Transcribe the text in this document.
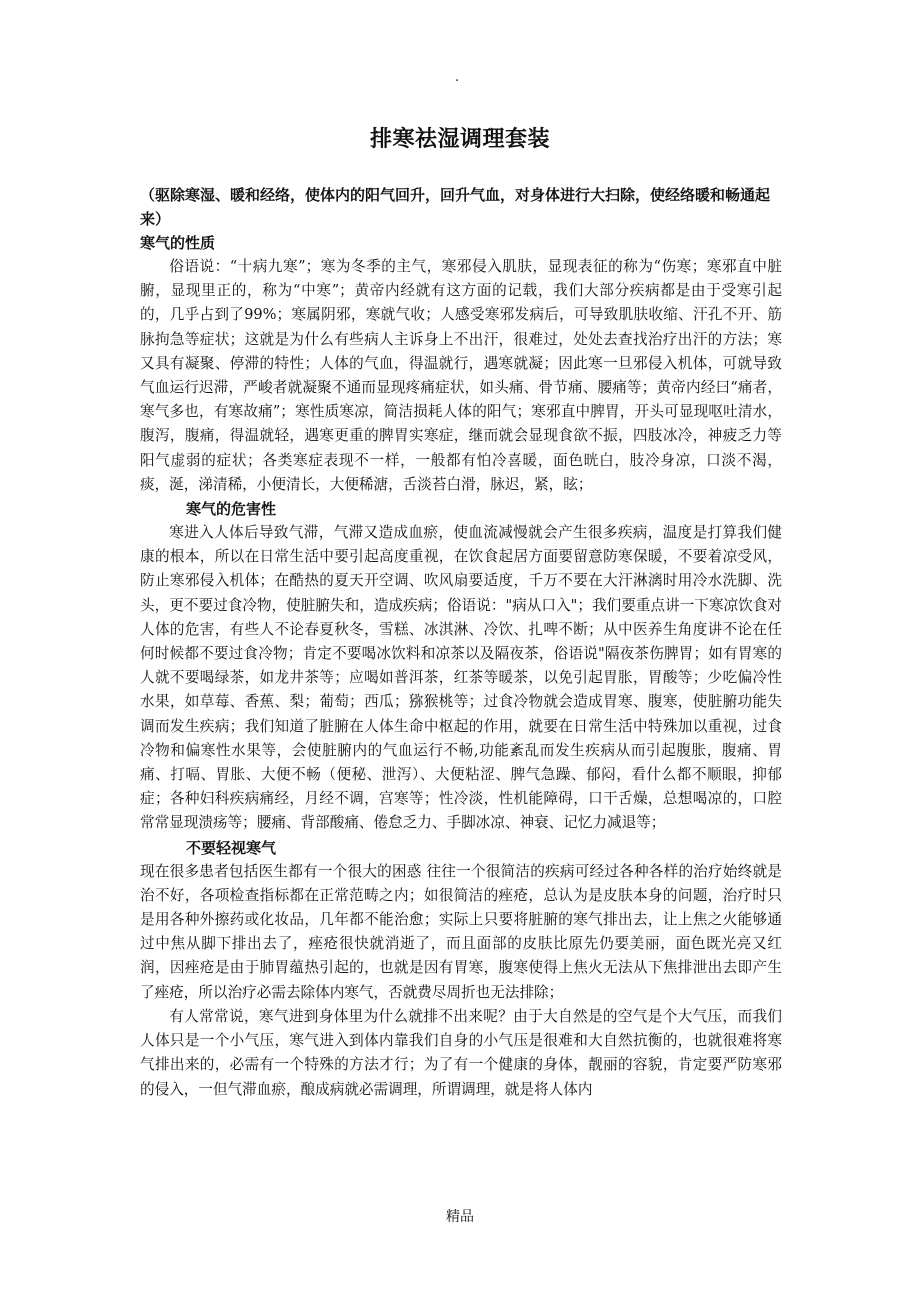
.
排寒祛湿调理套装

（驱除寒湿、暖和经络，使体内的阳气回升，回升气血，对身体进行大扫除，使经络暖和畅通起来）

寒气的性质

俗语说：“十病九寒”；寒为冬季的主气，寒邪侵入肌肤，显现表征的称为“伤寒；寒邪直中脏腑，显现里正的，称为“中寒”；黄帝内经就有这方面的记载，我们大部分疾病都是由于受寒引起的，几乎占到了99%；寒属阴邪，寒就气收；人感受寒邪发病后，可导致肌肤收缩、汗孔不开、筋脉拘急等症状；这就是为什么有些病人主诉身上不出汗，很难过，处处去查找治疗出汗的方法；寒又具有凝聚、停滞的特性；人体的气血，得温就行，遇寒就凝；因此寒一旦邪侵入机体，可就导致气血运行迟滞，严峻者就凝聚不通而显现疼痛症状，如头痛、骨节痛、腰痛等；黄帝内经曰“痛者，寒气多也，有寒故痛”；寒性质寒凉，简洁损耗人体的阳气；寒邪直中脾胃，开头可显现呕吐清水，腹泻，腹痛，得温就轻，遇寒更重的脾胃实寒症，继而就会显现食欲不振，四肢冰冷，神疲乏力等阳气虚弱的症状；各类寒症表现不一样，一般都有怕冷喜暖，面色晄白，肢冷身凉，口淡不渴，痰，涎，涕清稀，小便清长，大便稀溏，舌淡苔白滑，脉迟，紧，眩；

寒气的危害性

寒进入人体后导致气滞，气滞又造成血瘀，使血流减慢就会产生很多疾病，温度是打算我们健康的根本，所以在日常生活中要引起高度重视，在饮食起居方面要留意防寒保暖，不要着凉受风，防止寒邪侵入机体；在酷热的夏天开空调、吹风扇要适度，千万不要在大汗淋漓时用冷水洗脚、洗头，更不要过食冷物，使脏腑失和，造成疾病；俗语说："病从口入"；我们要重点讲一下寒凉饮食对人体的危害，有些人不论春夏秋冬，雪糕、冰淇淋、冷饮、扎啤不断；从中医养生角度讲不论在任何时候都不要过食冷物；肯定不要喝冰饮料和凉茶以及隔夜茶，俗语说"隔夜茶伤脾胃；如有胃寒的人就不要喝绿茶，如龙井茶等；应喝如普洱茶，红茶等暖茶，以免引起胃胀，胃酸等；少吃偏冷性水果，如草莓、香蕉、梨；葡萄；西瓜；猕猴桃等；过食冷物就会造成胃寒、腹寒，使脏腑功能失调而发生疾病；我们知道了脏腑在人体生命中枢起的作用，就要在日常生活中特殊加以重视，过食冷物和偏寒性水果等，会使脏腑内的气血运行不畅,功能紊乱而发生疾病从而引起腹胀，腹痛、胃痛、打嗝、胃胀、大便不畅（便秘、泄泻）、大便粘涩、脾气急躁、郁闷，看什么都不顺眼，抑郁症；各种妇科疾病痛经，月经不调，宫寒等；性冷淡，性机能障碍，口干舌燥，总想喝凉的，口腔常常显现溃疡等；腰痛、背部酸痛、倦怠乏力、手脚冰凉、神衰、记忆力减退等；

不要轻视寒气

现在很多患者包括医生都有一个很大的困惑 往往一个很简洁的疾病可经过各种各样的治疗始终就是治不好，各项检查指标都在正常范畴之内；如很简洁的痤疮，总认为是皮肤本身的问题，治疗时只是用各种外擦药或化妆品，几年都不能治愈；实际上只要将脏腑的寒气排出去，让上焦之火能够通过中焦从脚下排出去了，痤疮很快就消逝了，而且面部的皮肤比原先仍要美丽，面色既光亮又红润，因痤疮是由于肺胃蕴热引起的，也就是因有胃寒，腹寒使得上焦火无法从下焦排泄出去即产生了痤疮，所以治疗必需去除体内寒气，否就费尽周折也无法排除；

有人常常说，寒气进到身体里为什么就排不出来呢？由于大自然是的空气是个大气压，而我们人体只是一个小气压，寒气进入到体内靠我们自身的小气压是很难和大自然抗衡的，也就很难将寒气排出来的，必需有一个特殊的方法才行；为了有一个健康的身体，靓丽的容貌，肯定要严防寒邪的侵入，一但气滞血瘀，酿成病就必需调理，所谓调理，就是将人体内

精品
